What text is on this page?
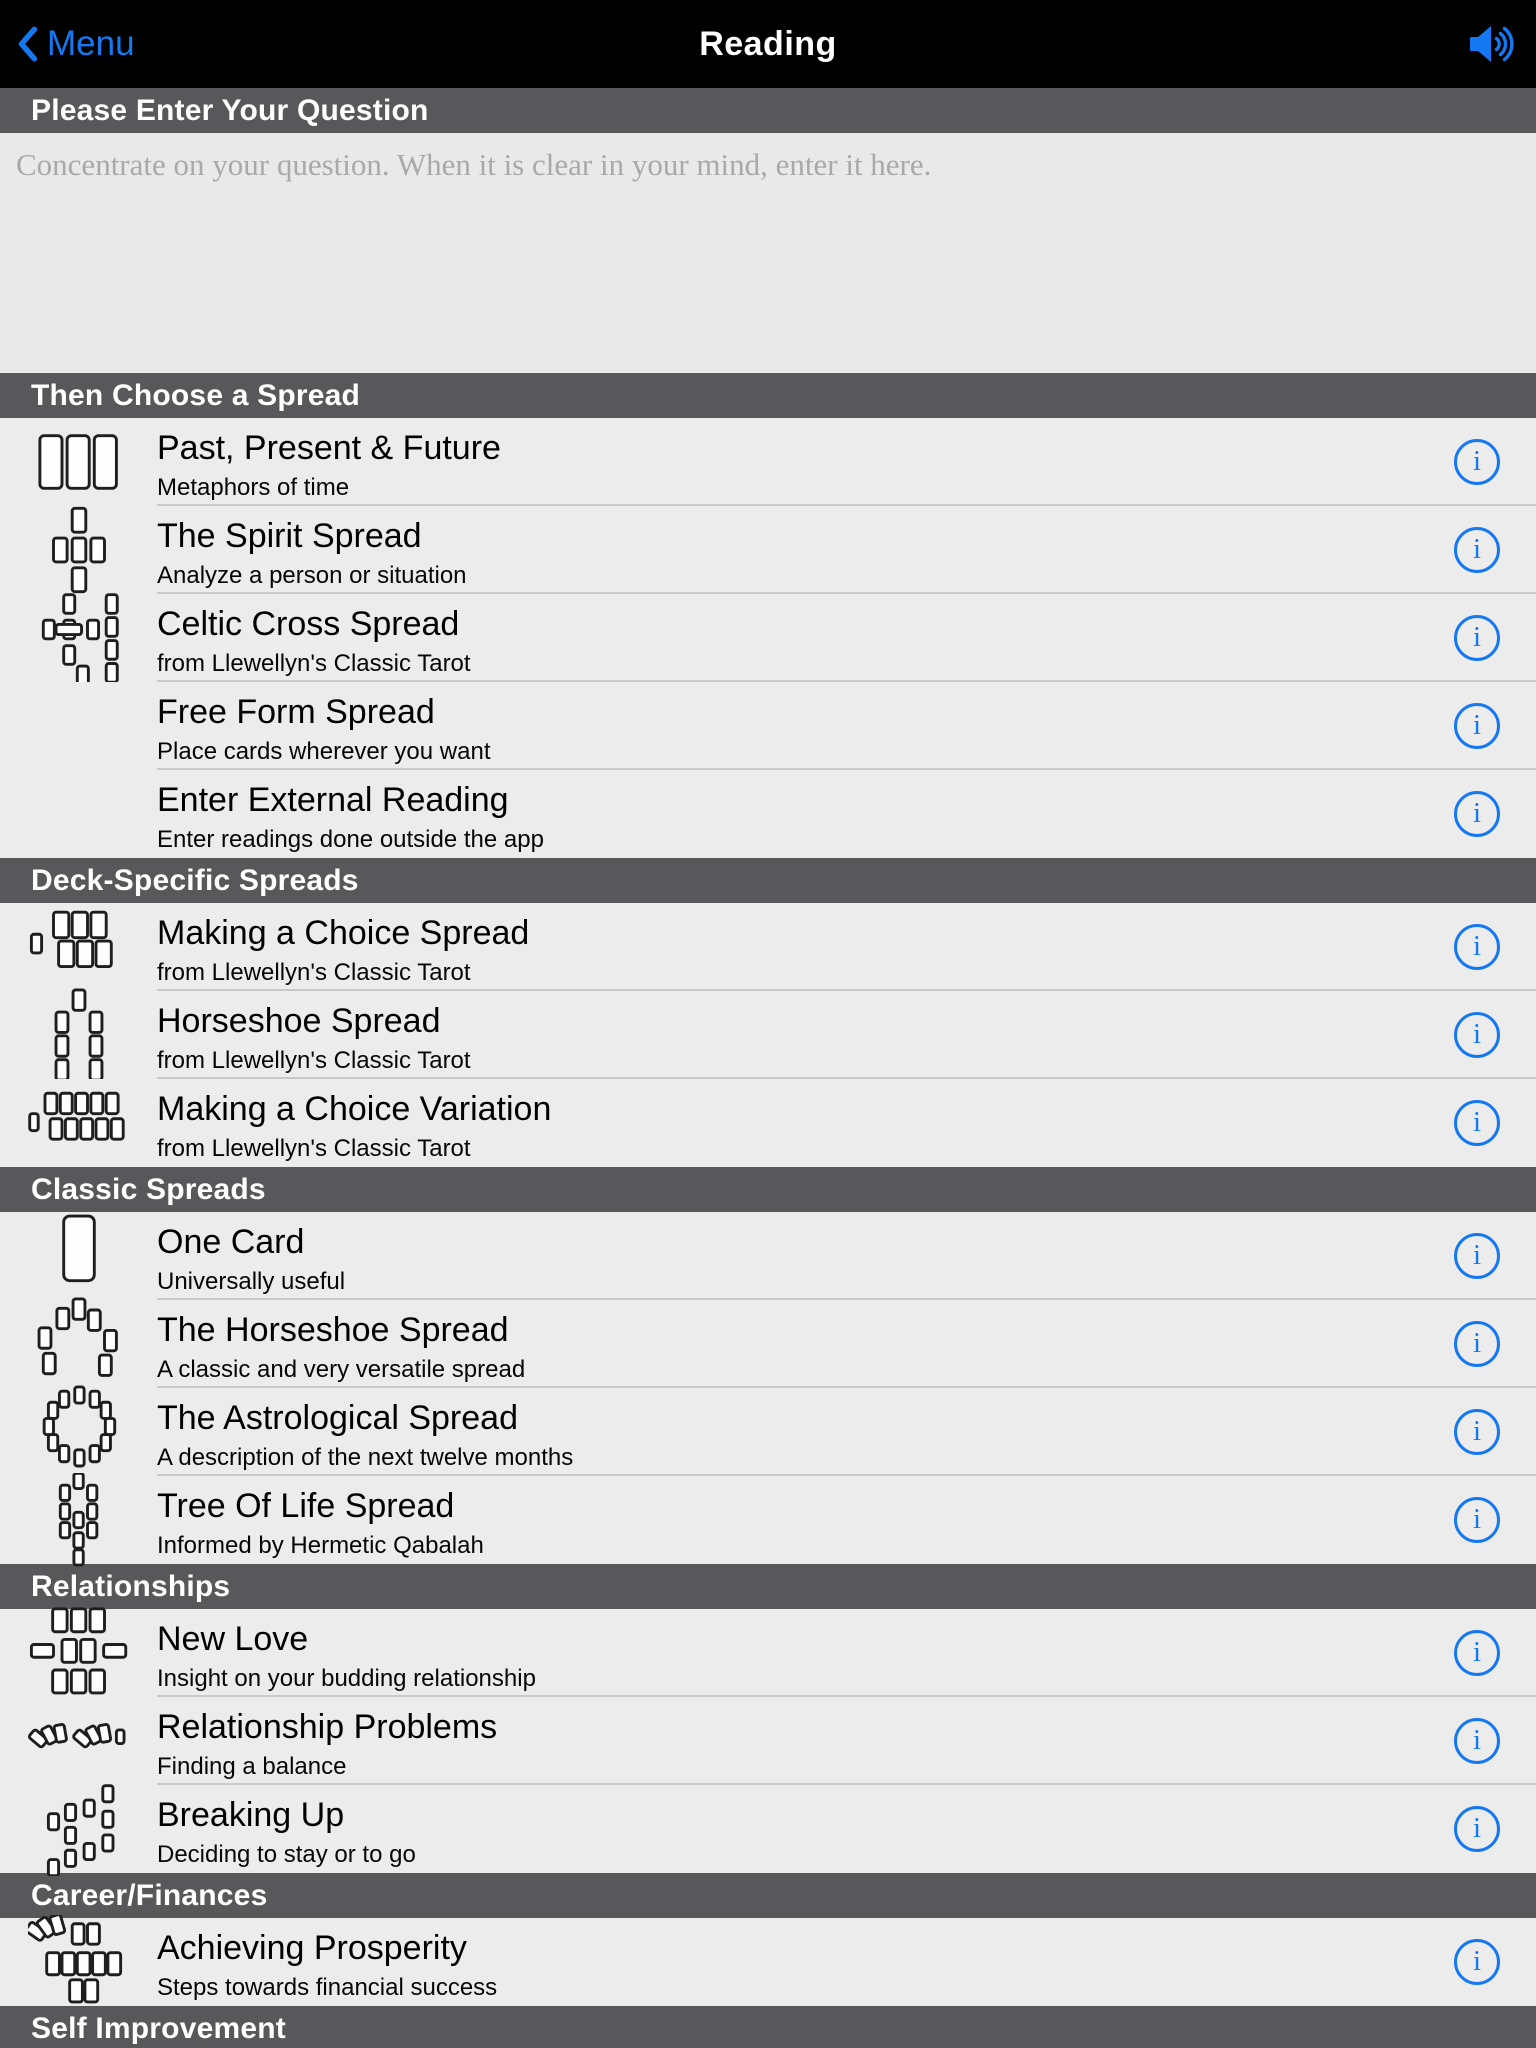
Menu	Reading
Please Enter Your Question
Concentrate on your question. When it is clear in your mind, enter it here.
Then Choose a Spread
Past, Present & Future
Metaphors of time
i
The Spirit Spread
Analyze a person or situation
i
Celtic Cross Spread
from Llewellyn's Classic Tarot
i
Free Form Spread
Place cards wherever you want
i
Enter External Reading
Enter readings done outside the app
i
Deck-Specific Spreads
Making a Choice Spread
from Llewellyn's Classic Tarot
i
Horseshoe Spread
from Llewellyn's Classic Tarot
i
Making a Choice Variation
from Llewellyn's Classic Tarot
i
Classic Spreads
One Card
Universally useful
i
The Horseshoe Spread
A classic and very versatile spread
i
The Astrological Spread
A description of the next twelve months
i
Tree Of Life Spread
Informed by Hermetic Qabalah
i
Relationships
New Love
Insight on your budding relationship
i
Relationship Problems
Finding a balance
i
Breaking Up
Deciding to stay or to go
i
Career/Finances
Achieving Prosperity
Steps towards financial success
i
Self Improvement
